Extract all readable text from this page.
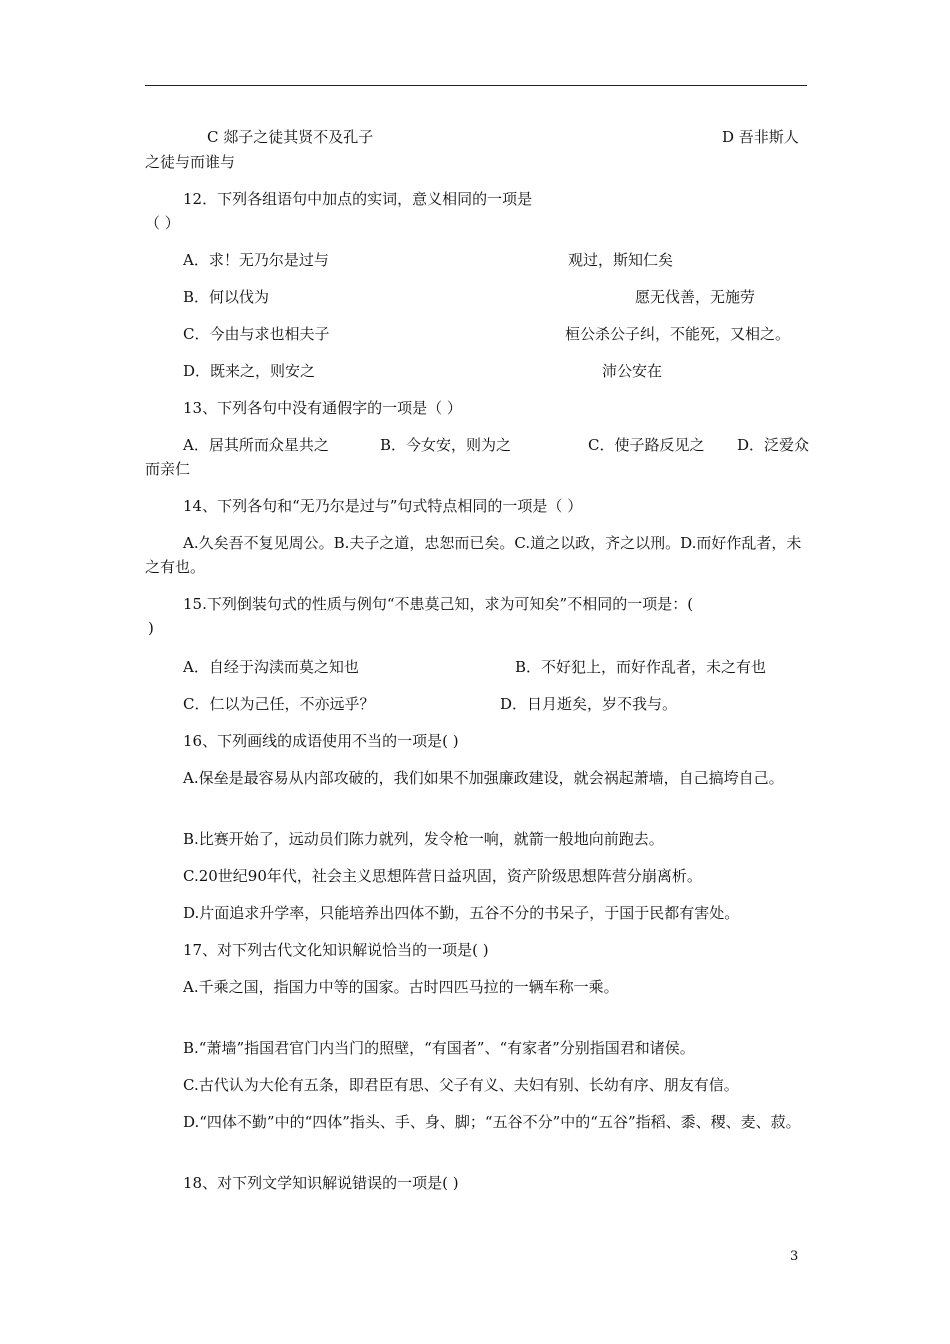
C 郯子之徒其贤不及孔子	D 吾非斯人
之徒与而谁与
12．下列各组语句中加点的实词，意义相同的一项是
（ ）
A．求！无乃尔是过与	观过，斯知仁矣
B．何以伐为	愿无伐善，无施劳
C．今由与求也相夫子	桓公杀公子纠，不能死，又相之。
D．既来之，则安之	沛公安在
13、下列各句中没有通假字的一项是（ ）
A．居其所而众星共之	B．今女安，则为之	C．使子路反见之 D．泛爱众
而亲仁
14、下列各句和“无乃尔是过与”句式特点相同的一项是（ ）
A.久矣吾不复见周公。B.夫子之道，忠恕而已矣。C.道之以政，齐之以刑。D.而好作乱者，未之有也。
15.下列倒装句式的性质与例句“不患莫己知，求为可知矣”不相同的一项是：(
)
A．自经于沟渎而莫之知也	B．不好犯上，而好作乱者，未之有也
C．仁以为己任，不亦远乎？	D．日月逝矣，岁不我与。
16、下列画线的成语使用不当的一项是( )
A.保垒是最容易从内部攻破的，我们如果不加强廉政建设，就会祸起萧墙，自己搞垮自己。
B.比赛开始了，远动员们陈力就列，发令枪一响，就箭一般地向前跑去。
C.20世纪90年代，社会主义思想阵营日益巩固，资产阶级思想阵营分崩离析。
D.片面追求升学率，只能培养出四体不勤，五谷不分的书呆子，于国于民都有害处。
17、对下列古代文化知识解说恰当的一项是( )
A.千乘之国，指国力中等的国家。古时四匹马拉的一辆车称一乘。
B.“萧墙”指国君官门内当门的照壁，“有国者”、“有家者”分别指国君和诸侯。
C.古代认为大伦有五条，即君臣有思、父子有义、夫妇有别、长幼有序、朋友有信。
D.“四体不勤”中的“四体”指头、手、身、脚；“五谷不分”中的“五谷”指稻、黍、稷、麦、菽。
18、对下列文学知识解说错误的一项是( )
3
